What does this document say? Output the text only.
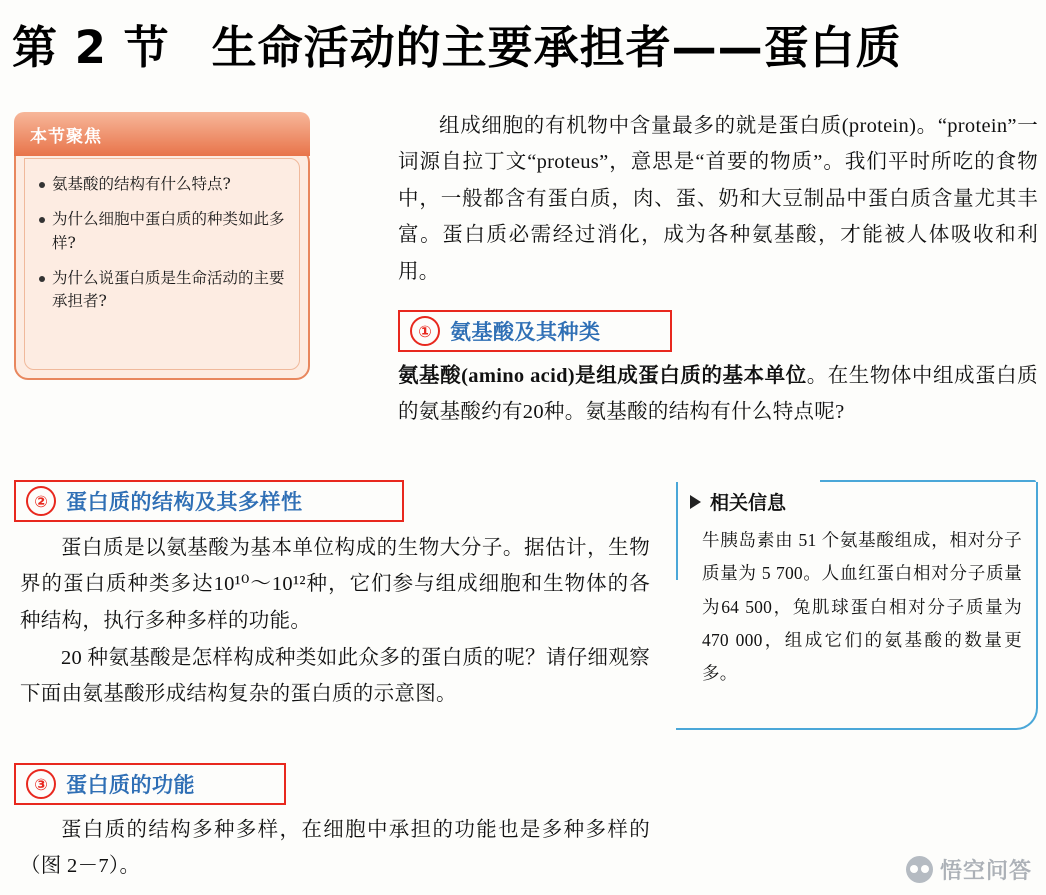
第 2 节 生命活动的主要承担者——蛋白质
氨基酸的结构有什么特点?
为什么细胞中蛋白质的种类如此多样?
为什么说蛋白质是生命活动的主要承担者?
本节聚焦	组成细胞的有机物中含量最多的就是蛋白质(protein)。“protein”一词源自拉丁文“proteus”，意思是“首要的物质”。我们平时所吃的食物中，一般都含有蛋白质，肉、蛋、奶和大豆制品中蛋白质含量尤其丰富。蛋白质必需经过消化，成为各种氨基酸，才能被人体吸收和利用。
① 氨基酸及其种类
氨基酸(amino acid)是组成蛋白质的基本单位。在生物体中组成蛋白质的氨基酸约有20种。氨基酸的结构有什么特点呢?
② 蛋白质的结构及其多样性
蛋白质是以氨基酸为基本单位构成的生物大分子。据估计，生物界的蛋白质种类多达10¹⁰～10¹²种，它们参与组成细胞和生物体的各种结构，执行多种多样的功能。
20 种氨基酸是怎样构成种类如此众多的蛋白质的呢？请仔细观察下面由氨基酸形成结构复杂的蛋白质的示意图。
③ 蛋白质的功能
蛋白质的结构多种多样，在细胞中承担的功能也是多种多样的（图 2－7）。
相关信息
牛胰岛素由 51 个氨基酸组成，相对分子质量为 5 700。人血红蛋白相对分子质量为64 500，兔肌球蛋白相对分子质量为470 000，组成它们的氨基酸的数量更多。
悟空问答
